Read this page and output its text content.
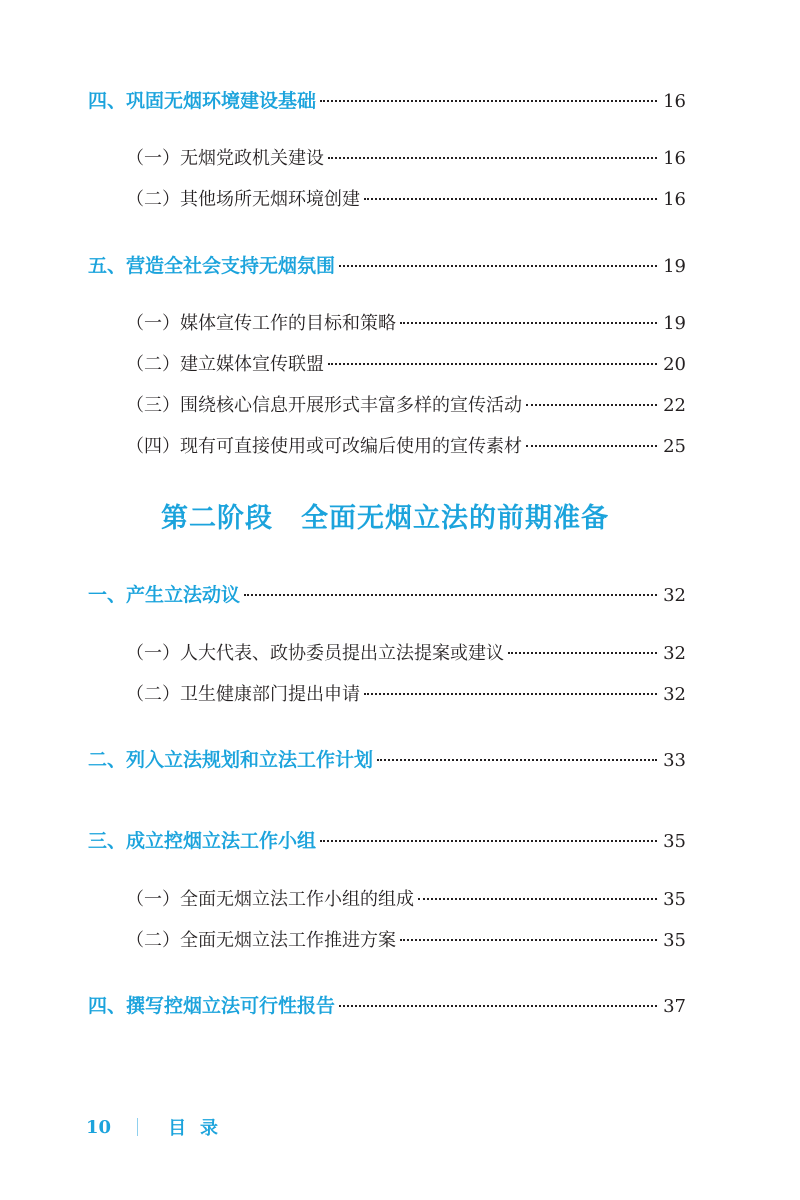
四、巩固无烟环境建设基础	16
（一）无烟党政机关建设	16
（二）其他场所无烟环境创建	16
五、营造全社会支持无烟氛围	19
（一）媒体宣传工作的目标和策略	19
（二）建立媒体宣传联盟	20
（三）围绕核心信息开展形式丰富多样的宣传活动	22
（四）现有可直接使用或可改编后使用的宣传素材	25
第二阶段　全面无烟立法的前期准备
一、产生立法动议	32
（一）人大代表、政协委员提出立法提案或建议	32
（二）卫生健康部门提出申请	32
二、列入立法规划和立法工作计划	33
三、成立控烟立法工作小组	35
（一）全面无烟立法工作小组的组成	35
（二）全面无烟立法工作推进方案	35
四、撰写控烟立法可行性报告	37
10	目录
